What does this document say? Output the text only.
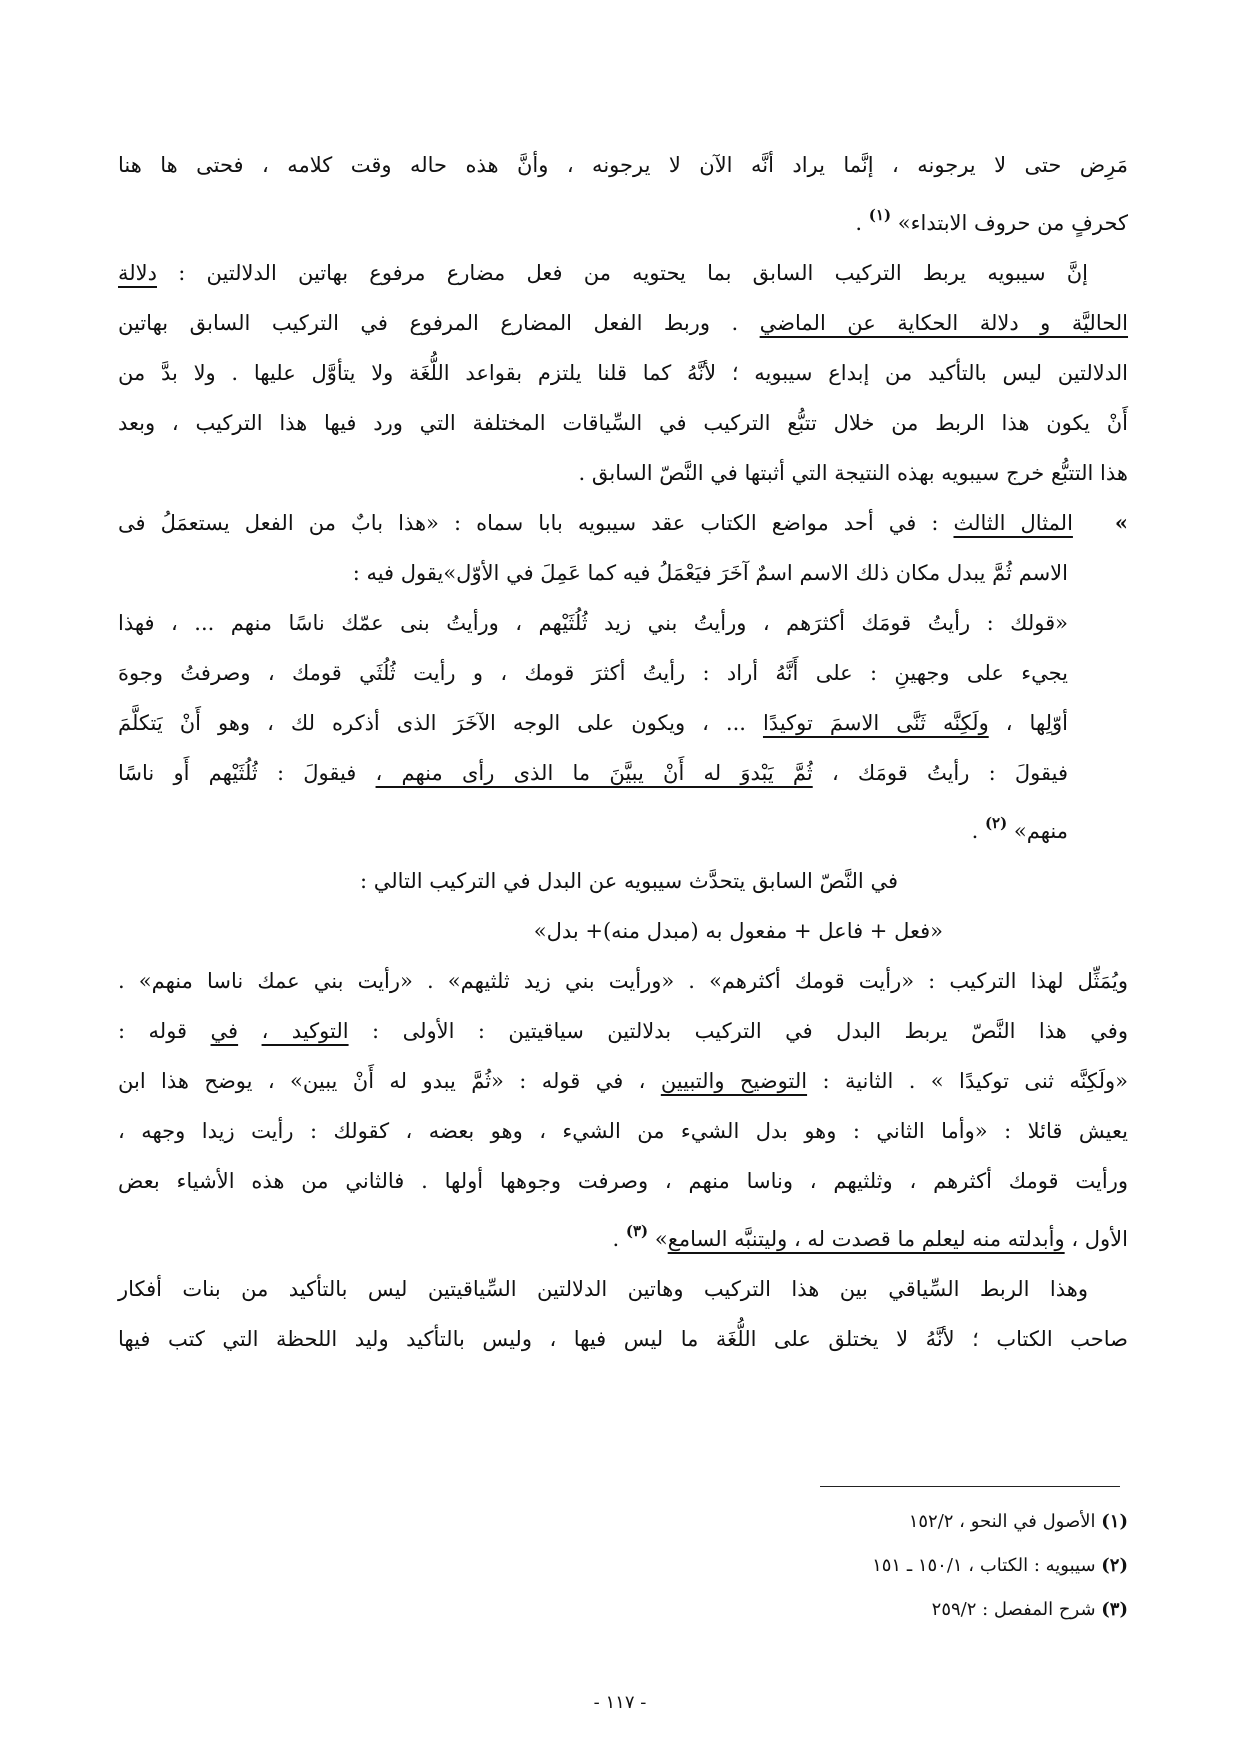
مَرِض حتى لا يرجونه ، إنَّما يراد أنَّه الآن لا يرجونه ، وأنَّ هذه حاله وقت كلامه ، فحتى ها هنا
كحرفٍ من حروف الابتداء» $^{(١)}$ .
إنَّ سيبويه يربط التركيب السابق بما يحتويه من فعل مضارع مرفوع بهاتين الدلالتين : دلالة
الحاليَّة و دلالة الحكاية عن الماضي . وربط الفعل المضارع المرفوع في التركيب السابق بهاتين
الدلالتين ليس بالتأكيد من إبداع سيبويه ؛ لأنَّهُ كما قلنا يلتزم بقواعد اللُّغَة ولا يتأوَّل عليها . ولا بدَّ من
أَنْ يكون هذا الربط من خلال تتبُّع التركيب في السِّياقات المختلفة التي ورد فيها هذا التركيب ، وبعد
هذا التتبُّع خرج سيبويه بهذه النتيجة التي أثبتها في النَّصّ السابق .
» المثال الثالث : في أحد مواضع الكتاب عقد سيبويه بابا سماه : «هذا بابٌ من الفعل يستعمَلُ فى
الاسم ثُمَّ يبدل مكان ذلك الاسم اسمٌ آخَرَ فيَعْمَلُ فيه كما عَمِلَ في الأوّل»يقول فيه :
«قولك : رأيتُ قومَك أكثرَهم ، ورأيتُ بني زيد ثُلُثَيْهم ، ورأيتُ بنى عمّك ناسًا منهم ... ، فهذا
يجيء على وجهينِ : على أَنَّهُ أراد : رأيتُ أكثرَ قومك ، و رأيت ثُلُثَي قومك ، وصرفتُ وجوهَ
أوّلِها ، ولَكِنَّه ثَنَّى الاسمَ توكيدًا ... ، ويكون على الوجه الآخَرَ الذى أذكره لك ، وهو أَنْ يَتكلَّمَ
فيقولَ : رأيتُ قومَك ، ثُمَّ يَبْدوَ له أَنْ يبيَّنَ ما الذى رأى منهم ، فيقولَ : ثُلُثَيْهم أَو ناسًا
منهم» $^{(٢)}$ .
في النَّصّ السابق يتحدَّث سيبويه عن البدل في التركيب التالي :
«فعل + فاعل + مفعول به (مبدل منه)+ بدل»
ويُمَثِّل لهذا التركيب : «رأيت قومك أكثرهم» . «ورأيت بني زيد ثلثيهم» . «رأيت بني عمك ناسا منهم» .
وفي هذا النَّصّ يربط البدل في التركيب بدلالتين سياقيتين : الأولى : التوكيد ، في قوله :
«ولَكِنَّه ثنى توكيدًا » . الثانية : التوضيح والتبيين ، في قوله : «ثُمَّ يبدو له أَنْ يبين» ، يوضح هذا ابن
يعيش قائلا : «وأما الثاني : وهو بدل الشيء من الشيء ، وهو بعضه ، كقولك : رأيت زيدا وجهه ،
ورأيت قومك أكثرهم ، وثلثيهم ، وناسا منهم ، وصرفت وجوهها أولها . فالثاني من هذه الأشياء بعض
الأول ، وأبدلته منه ليعلم ما قصدت له ، وليتنبَّه السامع» $^{(٣)}$ .
وهذا الربط السِّياقي بين هذا التركيب وهاتين الدلالتين السِّياقيتين ليس بالتأكيد من بنات أفكار
صاحب الكتاب ؛ لأنَّهُ لا يختلق على اللُّغَة ما ليس فيها ، وليس بالتأكيد وليد اللحظة التي كتب فيها
(١) الأصول في النحو ، ١٥٢/٢
(٢) سيبويه : الكتاب ، ١٥٠/١ ـ ١٥١
(٣) شرح المفصل : ٢٥٩/٢
- ١١٧ -
